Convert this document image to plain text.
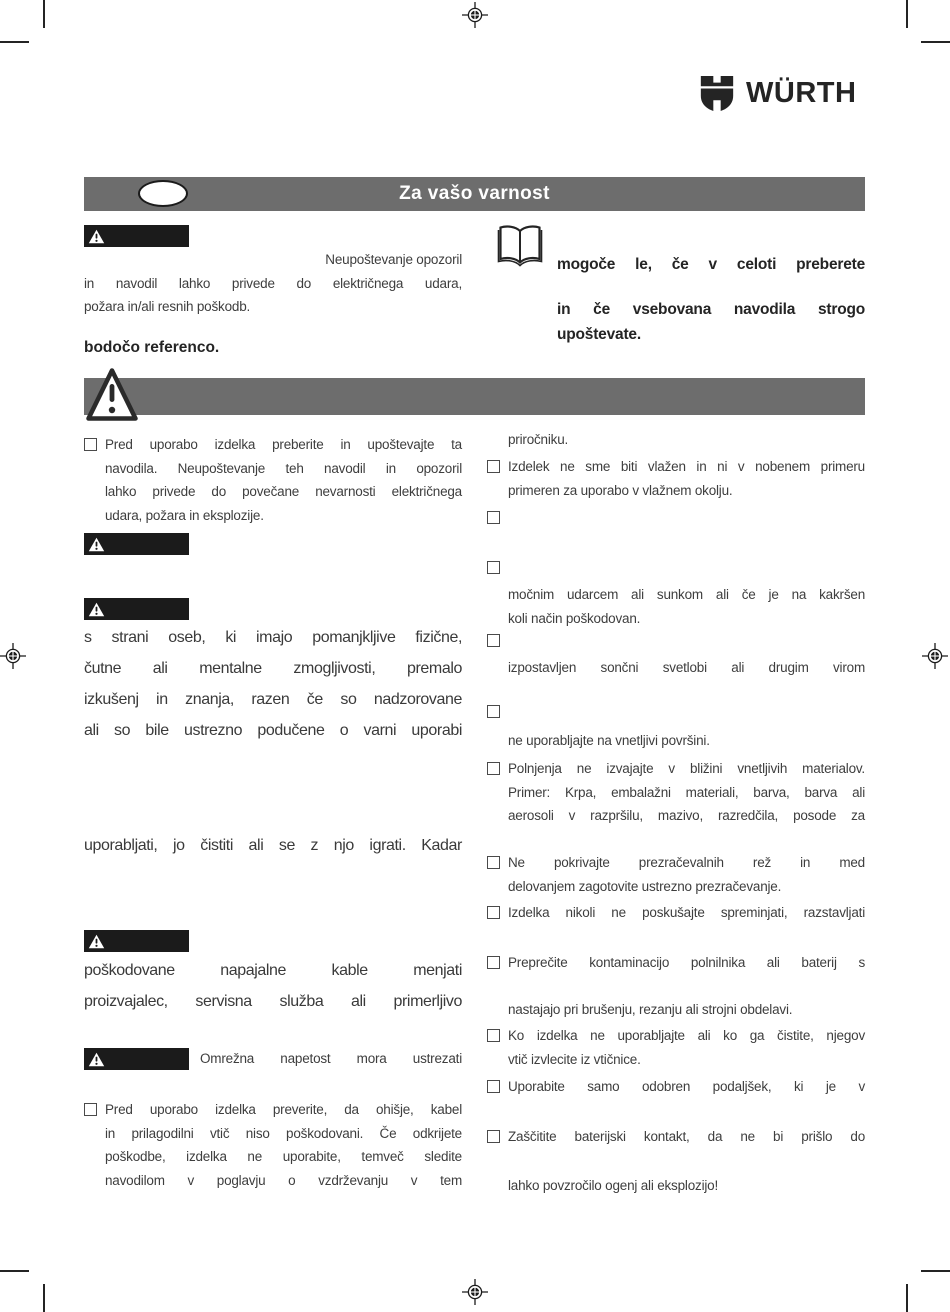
WÜRTH
Za vašo varnost
Neupoštevanje opozoril
in navodil lahko privede do električnega udara,
požara in/ali resnih poškodb.
bodočo referenco.
mogoče le, če v celoti preberete
in če vsebovana navodila strogo
upoštevate.
Pred uporabo izdelka preberite in upoštevajte ta
navodila. Neupoštevanje teh navodil in opozoril
lahko privede do povečane nevarnosti električnega
udara, požara in eksplozije.
s strani oseb, ki imajo pomanjkljive fizične,
čutne ali mentalne zmogljivosti, premalo
izkušenj in znanja, razen če so nadzorovane
ali so bile ustrezno podučene o varni uporabi
uporabljati, jo čistiti ali se z njo igrati. Kadar
poškodovane napajalne kable menjati
proizvajalec, servisna služba ali primerljivo
Omrežna napetost mora ustrezati
Pred uporabo izdelka preverite, da ohišje, kabel
in prilagodilni vtič niso poškodovani. Če odkrijete
poškodbe, izdelka ne uporabite, temveč sledite
navodilom v poglavju o vzdrževanju v tem
priročniku.
Izdelek ne sme biti vlažen in ni v nobenem primeru
primeren za uporabo v vlažnem okolju.
močnim udarcem ali sunkom ali če je na kakršen
koli način poškodovan.
izpostavljen sončni svetlobi ali drugim virom
ne uporabljajte na vnetljivi površini.
Polnjenja ne izvajajte v bližini vnetljivih materialov.
Primer: Krpa, embalažni materiali, barva, barva ali
aerosoli v razpršilu, mazivo, razredčila, posode za
Ne pokrivajte prezračevalnih rež in med
delovanjem zagotovite ustrezno prezračevanje.
Izdelka nikoli ne poskušajte spreminjati, razstavljati
Preprečite kontaminacijo polnilnika ali baterij s
nastajajo pri brušenju, rezanju ali strojni obdelavi.
Ko izdelka ne uporabljajte ali ko ga čistite, njegov
vtič izvlecite iz vtičnice.
Uporabite samo odobren podaljšek, ki je v
Zaščitite baterijski kontakt, da ne bi prišlo do
lahko povzročilo ogenj ali eksplozijo!
